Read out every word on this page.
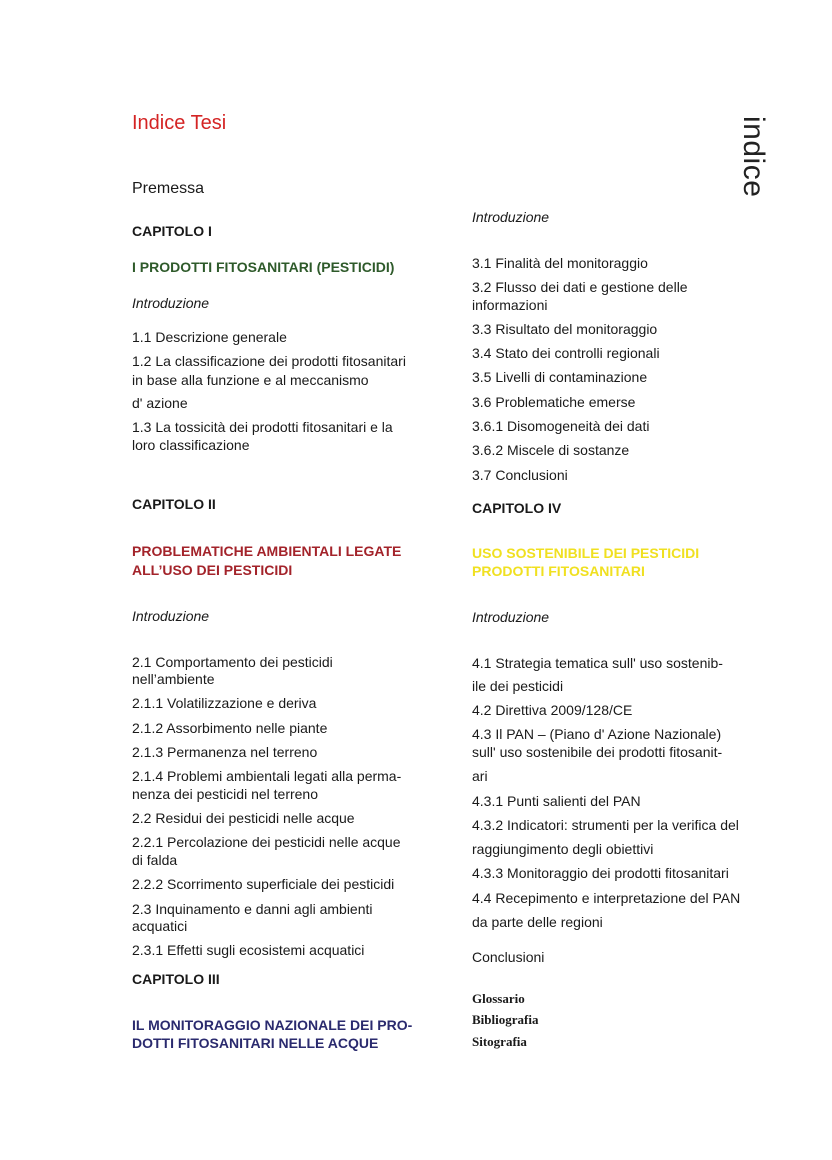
Indice Tesi	indice
Premessa
CAPITOLO I
I PRODOTTI FITOSANITARI (PESTICIDI)
Introduzione
1.1 Descrizione generale
1.2 La classificazione dei prodotti fitosanitari
in base alla funzione e al meccanismo
d' azione
1.3 La tossicità dei prodotti fitosanitari e la
loro classificazione
CAPITOLO II
PROBLEMATICHE AMBIENTALI LEGATE
ALL’USO DEI PESTICIDI
Introduzione
2.1 Comportamento dei pesticidi
nell’ambiente
2.1.1 Volatilizzazione e deriva
2.1.2 Assorbimento nelle piante
2.1.3 Permanenza nel terreno
2.1.4 Problemi ambientali legati alla perma-
nenza dei pesticidi nel terreno
2.2 Residui dei pesticidi nelle acque
2.2.1 Percolazione dei pesticidi nelle acque
di falda
2.2.2 Scorrimento superficiale dei pesticidi
2.3 Inquinamento e danni agli ambienti
acquatici
2.3.1 Effetti sugli ecosistemi acquatici
CAPITOLO III
IL MONITORAGGIO NAZIONALE DEI PRO-
DOTTI FITOSANITARI NELLE ACQUE
Introduzione
3.1 Finalità del monitoraggio
3.2 Flusso dei dati e gestione delle
informazioni
3.3 Risultato del monitoraggio
3.4 Stato dei controlli regionali
3.5 Livelli di contaminazione
3.6 Problematiche emerse
3.6.1 Disomogeneità dei dati
3.6.2 Miscele di sostanze
3.7 Conclusioni
CAPITOLO IV
USO SOSTENIBILE DEI PESTICIDI
PRODOTTI FITOSANITARI
Introduzione
4.1 Strategia tematica sull' uso sostenib-
ile dei pesticidi
4.2 Direttiva 2009/128/CE
4.3 Il PAN – (Piano d' Azione Nazionale)
sull' uso sostenibile dei prodotti fitosanit-
ari
4.3.1 Punti salienti del PAN
4.3.2 Indicatori: strumenti per la verifica del
raggiungimento degli obiettivi
4.3.3 Monitoraggio dei prodotti fitosanitari
4.4 Recepimento e interpretazione del PAN
da parte delle regioni
Conclusioni
Glossario
Bibliografia
Sitografia
